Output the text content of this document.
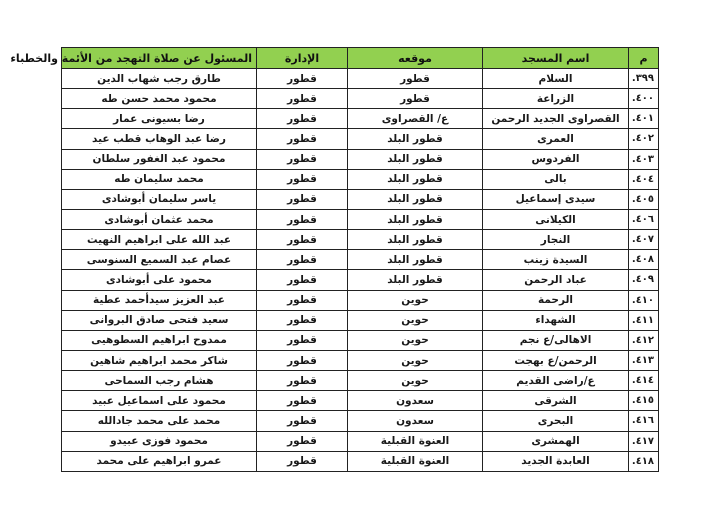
م	اسم المسجد	موقعه	الإدارة	المسئول عن صلاة التهجد من الأئمة والخطباء
٣٩٩.	السلام	قطور	قطور	طارق رجب شهاب الدين
٤٠٠.	الزراعة	قطور	قطور	محمود محمد حسن طه
٤٠١.	القصراوى الجديد الرحمن	ع/ القصراوى	قطور	رضا بسيونى عمار
٤٠٢.	العمرى	قطور البلد	قطور	رضا عبد الوهاب قطب عيد
٤٠٣.	الفردوس	قطور البلد	قطور	محمود عبد الغفور سلطان
٤٠٤.	بالى	قطور البلد	قطور	محمد سليمان طه
٤٠٥.	سيدى إسماعيل	قطور البلد	قطور	ياسر سليمان أبوشادى
٤٠٦.	الكيلانى	قطور البلد	قطور	محمد عثمان أبوشادى
٤٠٧.	النجار	قطور البلد	قطور	عبد الله على ابراهيم النهيت
٤٠٨.	السيدة زينب	قطور البلد	قطور	عصام عبد السميع السنوسى
٤٠٩.	عباد الرحمن	قطور البلد	قطور	محمود على أبوشادى
٤١٠.	الرحمة	حوين	قطور	عبد العزيز سيدأحمد عطية
٤١١.	الشهداء	حوين	قطور	سعيد فتحى صادق البروانى
٤١٢.	الاهالى/ع نجم	حوين	قطور	ممدوح ابراهيم السطوهيى
٤١٣.	الرحمن/ع بهجت	حوين	قطور	شاكر محمد ابراهيم شاهين
٤١٤.	ع/راضى القديم	حوين	قطور	هشام رجب السماحى
٤١٥.	الشرقى	سعدون	قطور	محمود على اسماعيل عبيد
٤١٦.	البحرى	سعدون	قطور	محمد على محمد جادالله
٤١٧.	الهمشرى	العنوة القبلية	قطور	محمود فوزى عبيدو
٤١٨.	العابدة الجديد	العنوة القبلية	قطور	عمرو ابراهيم على محمد
